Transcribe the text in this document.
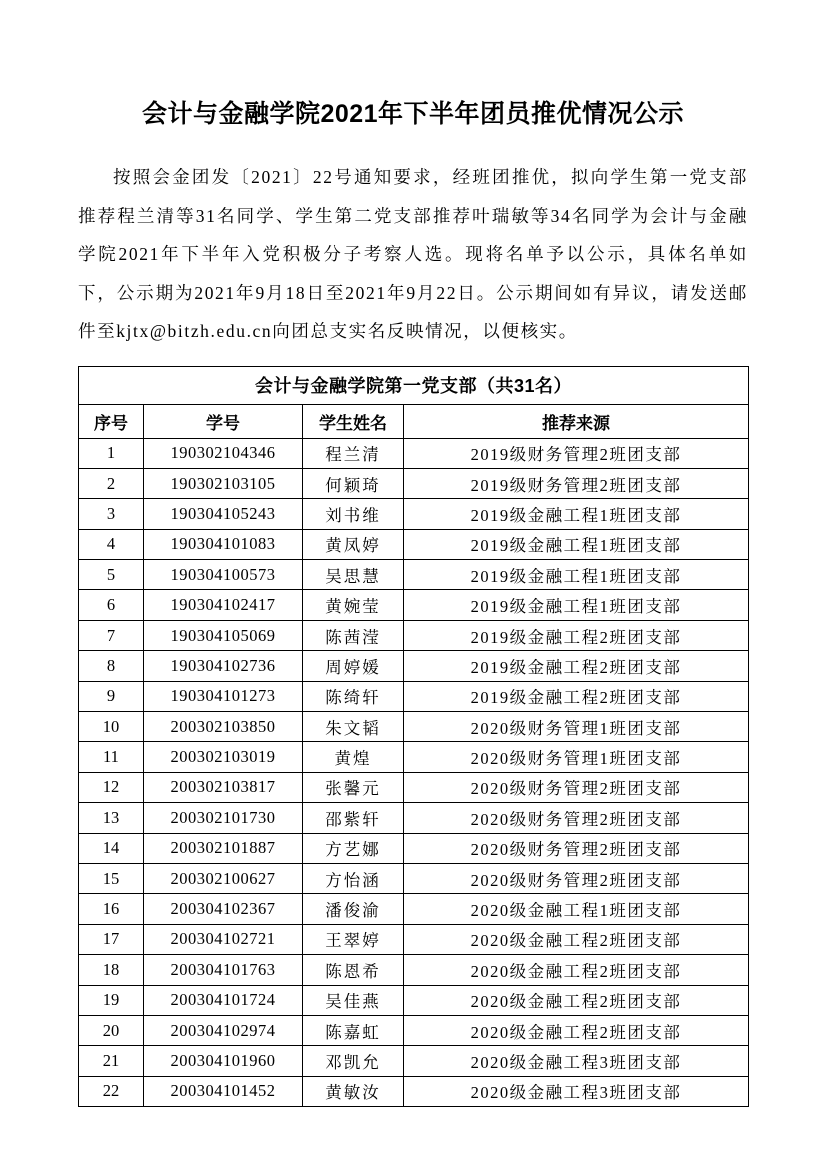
会计与金融学院2021年下半年团员推优情况公示

按照会金团发〔2021〕22号通知要求，经班团推优，拟向学生第一党支部推荐程兰清等31名同学、学生第二党支部推荐叶瑞敏等34名同学为会计与金融学院2021年下半年入党积极分子考察人选。现将名单予以公示，具体名单如下，公示期为2021年9月18日至2021年9月22日。公示期间如有异议，请发送邮件至kjtx@bitzh.edu.cn向团总支实名反映情况，以便核实。

会计与金融学院第一党支部（共31名）			
序号	学号	学生姓名	推荐来源
1	190302104346	程兰清	2019级财务管理2班团支部
2	190302103105	何颖琦	2019级财务管理2班团支部
3	190304105243	刘书维	2019级金融工程1班团支部
4	190304101083	黄凤婷	2019级金融工程1班团支部
5	190304100573	吴思慧	2019级金融工程1班团支部
6	190304102417	黄婉莹	2019级金融工程1班团支部
7	190304105069	陈茜滢	2019级金融工程2班团支部
8	190304102736	周婷媛	2019级金融工程2班团支部
9	190304101273	陈绮轩	2019级金融工程2班团支部
10	200302103850	朱文韬	2020级财务管理1班团支部
11	200302103019	黄煌	2020级财务管理1班团支部
12	200302103817	张馨元	2020级财务管理2班团支部
13	200302101730	邵紫轩	2020级财务管理2班团支部
14	200302101887	方艺娜	2020级财务管理2班团支部
15	200302100627	方怡涵	2020级财务管理2班团支部
16	200304102367	潘俊渝	2020级金融工程1班团支部
17	200304102721	王翠婷	2020级金融工程2班团支部
18	200304101763	陈恩希	2020级金融工程2班团支部
19	200304101724	吴佳燕	2020级金融工程2班团支部
20	200304102974	陈嘉虹	2020级金融工程2班团支部
21	200304101960	邓凯允	2020级金融工程3班团支部
22	200304101452	黄敏汝	2020级金融工程3班团支部
